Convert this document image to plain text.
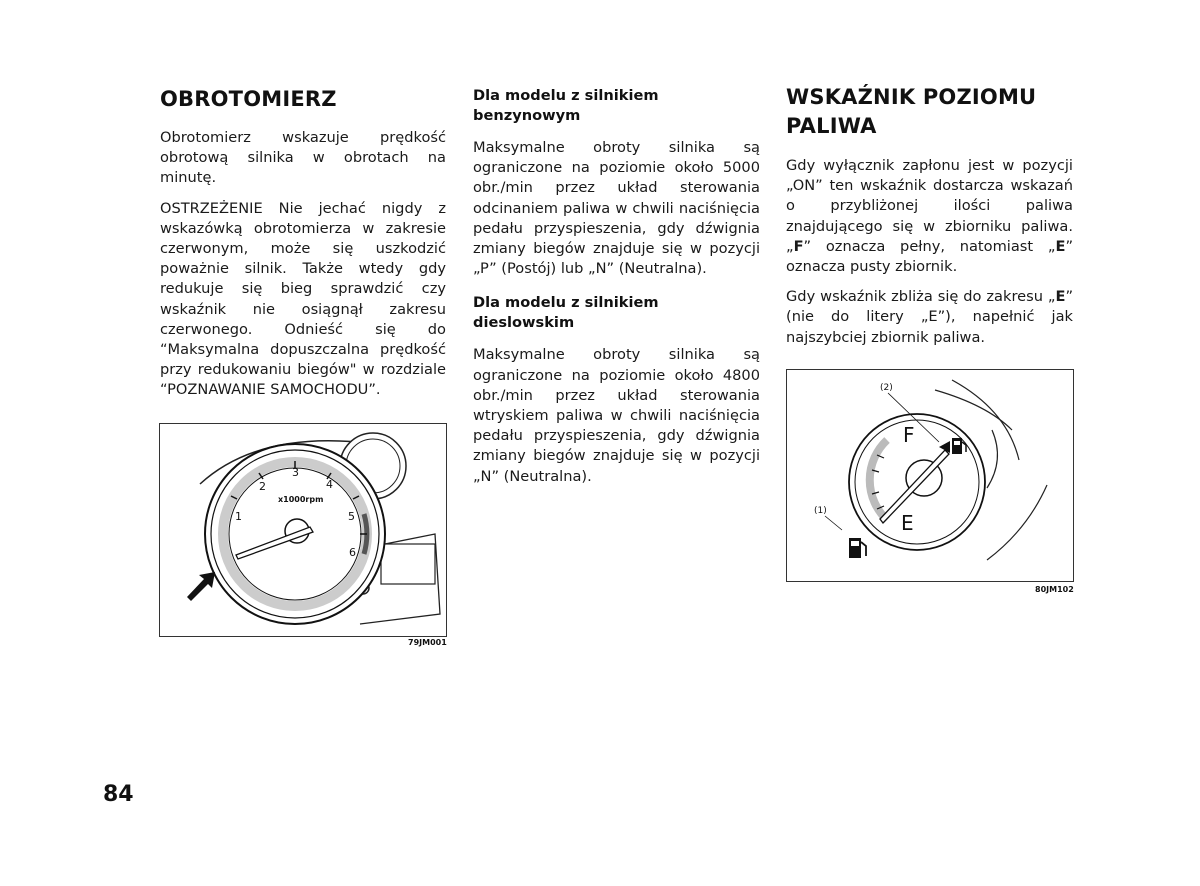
OBROTOMIERZ

Obrotomierz wskazuje prędkość obrotową silnika w obrotach na minutę.

OSTRZEŻENIE Nie jechać nigdy z wskazówką obrotomierza w zakresie czerwonym, może się uszkodzić poważnie silnik. Także wtedy gdy redukuje się bieg sprawdzić czy wskaźnik nie osiągnął zakresu czerwonego. Odnieść się do “Maksymalna dopuszczalna prędkość przy redukowaniu biegów" w rozdziale “POZNAWANIE SAMOCHODU”.

Dla modelu z silnikiem benzynowym

Maksymalne obroty silnika są ograniczone na poziomie około 5000 obr./min przez układ sterowania odcinaniem paliwa w chwili naciśnięcia pedału przyspieszenia, gdy dźwignia zmiany biegów znajduje się w pozycji „P” (Postój) lub „N” (Neutralna).

Dla modelu z silnikiem dieslowskim

Maksymalne obroty silnika są ograniczone na poziomie około 4800 obr./min przez układ sterowania wtryskiem paliwa w chwili naciśnięcia pedału przyspieszenia, gdy dźwignia zmiany biegów znajduje się w pozycji „N” (Neutralna).

WSKAŹNIK POZIOMU PALIWA

Gdy wyłącznik zapłonu jest w pozycji „ON” ten wskaźnik dostarcza wskazań o przybliżonej ilości paliwa znajdującego się w zbiorniku paliwa. „F” oznacza pełny, natomiast „E” oznacza pusty zbiornik.

Gdy wskaźnik zbliża się do zakresu „E” (nie do litery „E”), napełnić jak najszybciej zbiornik paliwa.

2
3
4
1	5
6
x1000rpm
79JM001
F
E
(2)
(1)
80JM102
84
